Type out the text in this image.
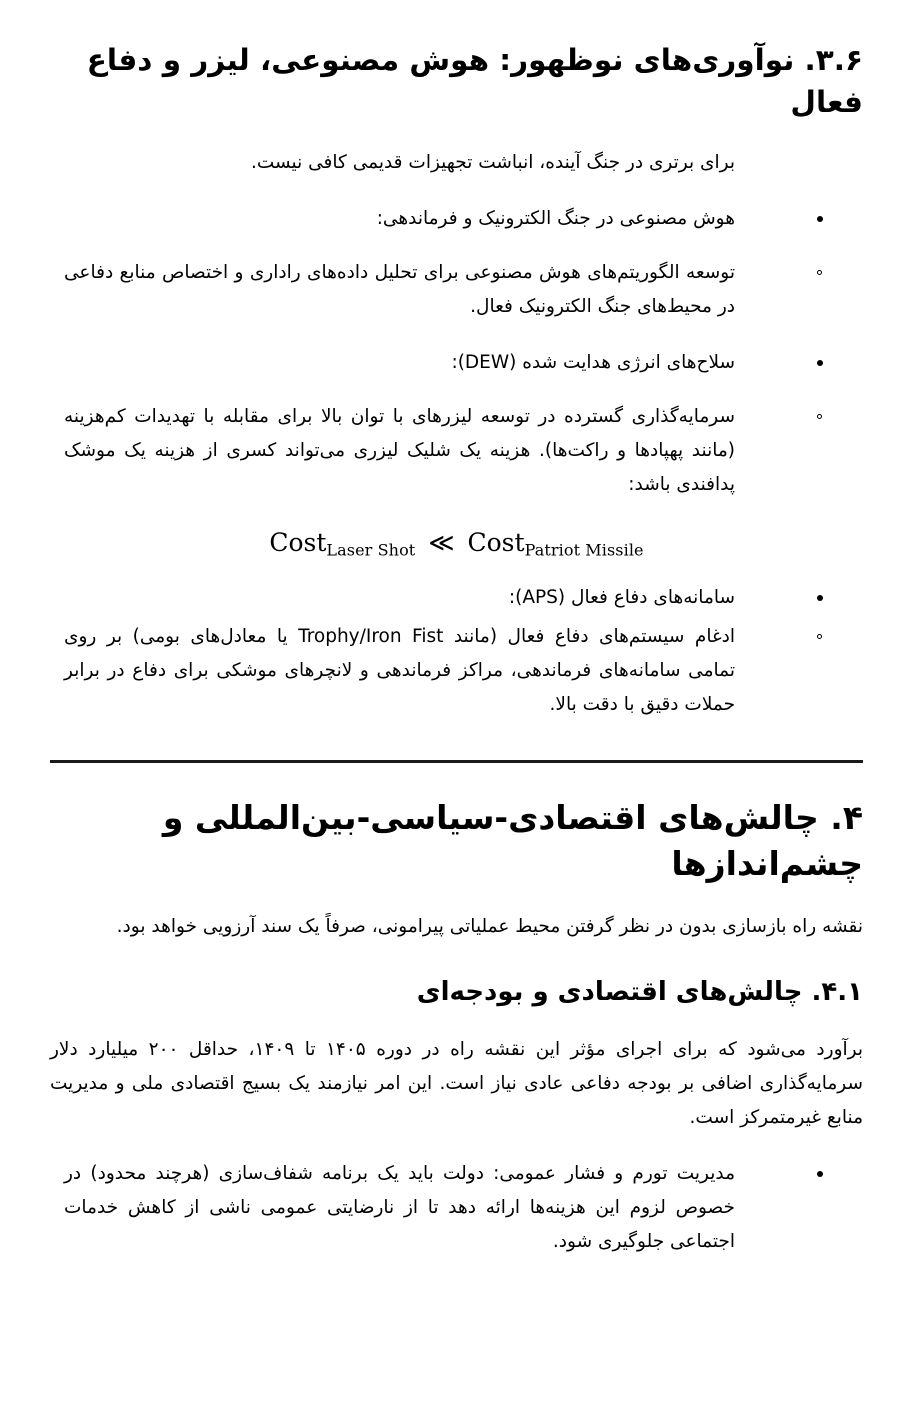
۳.۶. نوآوری‌های نوظهور: هوش مصنوعی، لیزر و دفاع فعال

برای برتری در جنگ آینده، انباشت تجهیزات قدیمی کافی نیست.

هوش مصنوعی در جنگ الکترونیک و فرماندهی:
توسعه الگوریتم‌های هوش مصنوعی برای تحلیل داده‌های راداری و اختصاص منابع دفاعی در محیط‌های جنگ الکترونیک فعال.
سلاح‌های انرژی هدایت شده (DEW):
سرمایه‌گذاری گسترده در توسعه لیزرهای با توان بالا برای مقابله با تهدیدات کم‌هزینه (مانند پهپادها و راکت‌ها). هزینه یک شلیک لیزری می‌تواند کسری از هزینه یک موشک پدافندی باشد:
CostLaser Shot ≪ CostPatriot Missile
سامانه‌های دفاع فعال (APS):
ادغام سیستم‌های دفاع فعال (مانند Trophy/Iron Fist یا معادل‌های بومی) بر روی تمامی سامانه‌های فرماندهی، مراکز فرماندهی و لانچرهای موشکی برای دفاع در برابر حملات دقیق با دقت بالا.
۴. چالش‌های اقتصادی-سیاسی-بین‌المللی و چشم‌اندازها

نقشه راه بازسازی بدون در نظر گرفتن محیط عملیاتی پیرامونی، صرفاً یک سند آرزویی خواهد بود.

۴.۱. چالش‌های اقتصادی و بودجه‌ای

برآورد می‌شود که برای اجرای مؤثر این نقشه راه در دوره ۱۴۰۵ تا ۱۴۰۹، حداقل ۲۰۰ میلیارد دلار سرمایه‌گذاری اضافی بر بودجه دفاعی عادی نیاز است. این امر نیازمند یک بسیج اقتصادی ملی و مدیریت منابع غیرمتمرکز است.

مدیریت تورم و فشار عمومی: دولت باید یک برنامه شفاف‌سازی (هرچند محدود) در خصوص لزوم این هزینه‌ها ارائه دهد تا از نارضایتی عمومی ناشی از کاهش خدمات اجتماعی جلوگیری شود.
